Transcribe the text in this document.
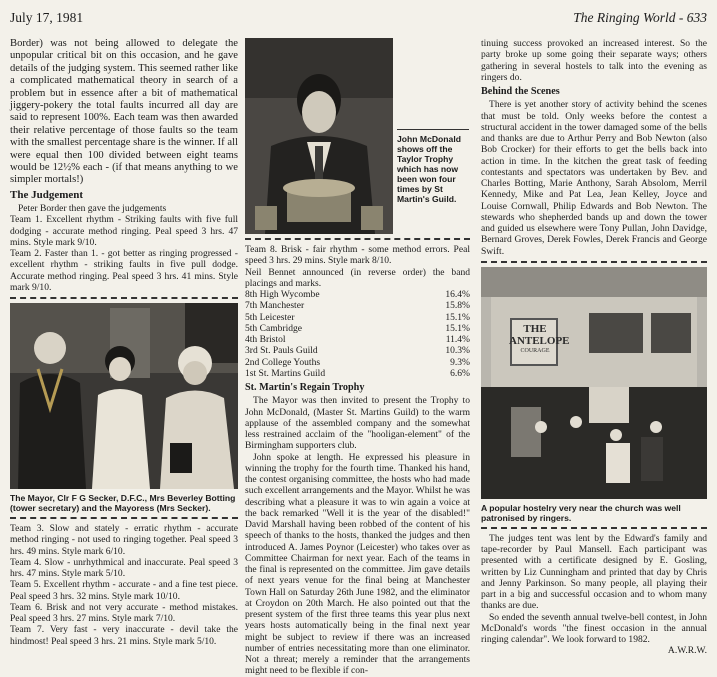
July 17, 1981	The Ringing World - 633

Border) was not being allowed to delegate the unpopular critical bit on this occasion, and he gave details of the judging system. This seemed rather like a complicated mathematical theory in search of a problem but in essence after a bit of mathematical jiggery-pokery the total faults incurred all day are said to represent 100%. Each team was then awarded their relative percentage of those faults so the team with the smallest percentage share is the winner. If all were equal then 100 divided between eight teams would be 12½% each - (if that means anything to we simpler mortals!)

The Judgement

Peter Border then gave the judgements

Team 1. Excellent rhythm - Striking faults with five full dodging - accurate method ringing. Peal speed 3 hrs. 47 mins. Style mark 9/10.

Team 2. Faster than 1. - got better as ringing progressed - excellent rhythm - striking faults in five pull dodge. Accurate method ringing. Peal speed 3 hrs. 41 mins. Style mark 9/10.

The Mayor, Clr F G Secker, D.F.C., Mrs Beverley Botting (tower secretary) and the Mayoress (Mrs Secker).

Team 3. Slow and stately - erratic rhythm - accurate method ringing - not used to ringing together. Peal speed 3 hrs. 49 mins. Style mark 6/10.

Team 4. Slow - unrhythmical and inaccurate. Peal speed 3 hrs. 47 mins. Style mark 5/10.

Team 5. Excellent rhythm - accurate - and a fine test piece. Peal speed 3 hrs. 32 mins. Style mark 10/10.

Team 6. Brisk and not very accurate - method mistakes. Peal speed 3 hrs. 27 mins. Style mark 7/10.

Team 7. Very fast - very inaccurate - devil take the hindmost! Peal speed 3 hrs. 21 mins. Style mark 5/10.

John McDonald shows off the Taylor Trophy which has now been won four times by St Martin's Guild.

Team 8. Brisk - fair rhythm - some method errors. Peal speed 3 hrs. 29 mins. Style mark 8/10.

Neil Bennet announced (in reverse order) the band placings and marks.

8th High Wycombe	16.4%
7th Manchester	15.8%
5th Leicester	15.1%
5th Cambridge	15.1%
4th Bristol	11.4%
3rd St. Pauls Guild	10.3%
2nd College Youths	9.3%
1st St. Martins Guild	6.6%
St. Martin's Regain Trophy

The Mayor was then invited to present the Trophy to John McDonald, (Master St. Martins Guild) to the warm applause of the assembled company and the somewhat less restrained acclaim of the "hooligan-element" of the Birmingham supporters club.

John spoke at length. He expressed his pleasure in winning the trophy for the fourth time. Thanked his hand, the contest organising committee, the hosts who had made such excellent arrangements and the Mayor. Whilst he was describing what a pleasure it was to win again a voice at the back remarked "Well it is the year of the disabled!" David Marshall having been robbed of the content of his speech of thanks to the hosts, thanked the judges and then introduced A. James Poynor (Leicester) who takes over as Committee Chairman for next year. Each of the teams in the final is represented on the committee. Jim gave details of next years venue for the final being at Manchester Town Hall on Saturday 26th June 1982, and the eliminator at Croydon on 20th March. He also pointed out that the present system of the first three teams this year plus next years hosts automatically being in the final next year might be subject to review if there was an increased number of entries necessitating more than one eliminator. Not a threat; merely a reminder that the arrangements might need to be flexible if con-

tinuing success provoked an increased interest. So the party broke up some going their separate ways; others gathering in several hostels to talk into the evening as ringers do.

Behind the Scenes

There is yet another story of activity behind the scenes that must be told. Only weeks before the contest a structural accident in the tower damaged some of the bells and thanks are due to Arthur Perry and Bob Newton (also Bob Crocker) for their efforts to get the bells back into action in time. In the kitchen the great task of feeding contestants and spectators was undertaken by Bev. and Charles Botting, Marie Anthony, Sarah Absolom, Merril Kennedy, Mike and Pat Lea, Jean Kelley, Joyce and Louise Cornwall, Philip Edwards and Bob Newton. The stewards who shepherded bands up and down the tower and guided us elsewhere were Tony Pullan, John Davidge, Bernard Groves, Derek Fowles, Derek Francis and George Swift.

THE ANTELOPE
COURAGE

A popular hostelry very near the church was well patronised by ringers.

The judges tent was lent by the Edward's family and tape-recorder by Paul Mansell. Each participant was presented with a certificate designed by E. Gosling, written by Liz Cunningham and printed that day by Chris and Jenny Parkinson. So many people, all playing their part in a big and successful occasion and to whom many thanks are due.

So ended the seventh annual twelve-bell contest, in John McDonald's words "the finest occasion in the annual ringing calendar". We look forward to 1982.

A.W.R.W.
